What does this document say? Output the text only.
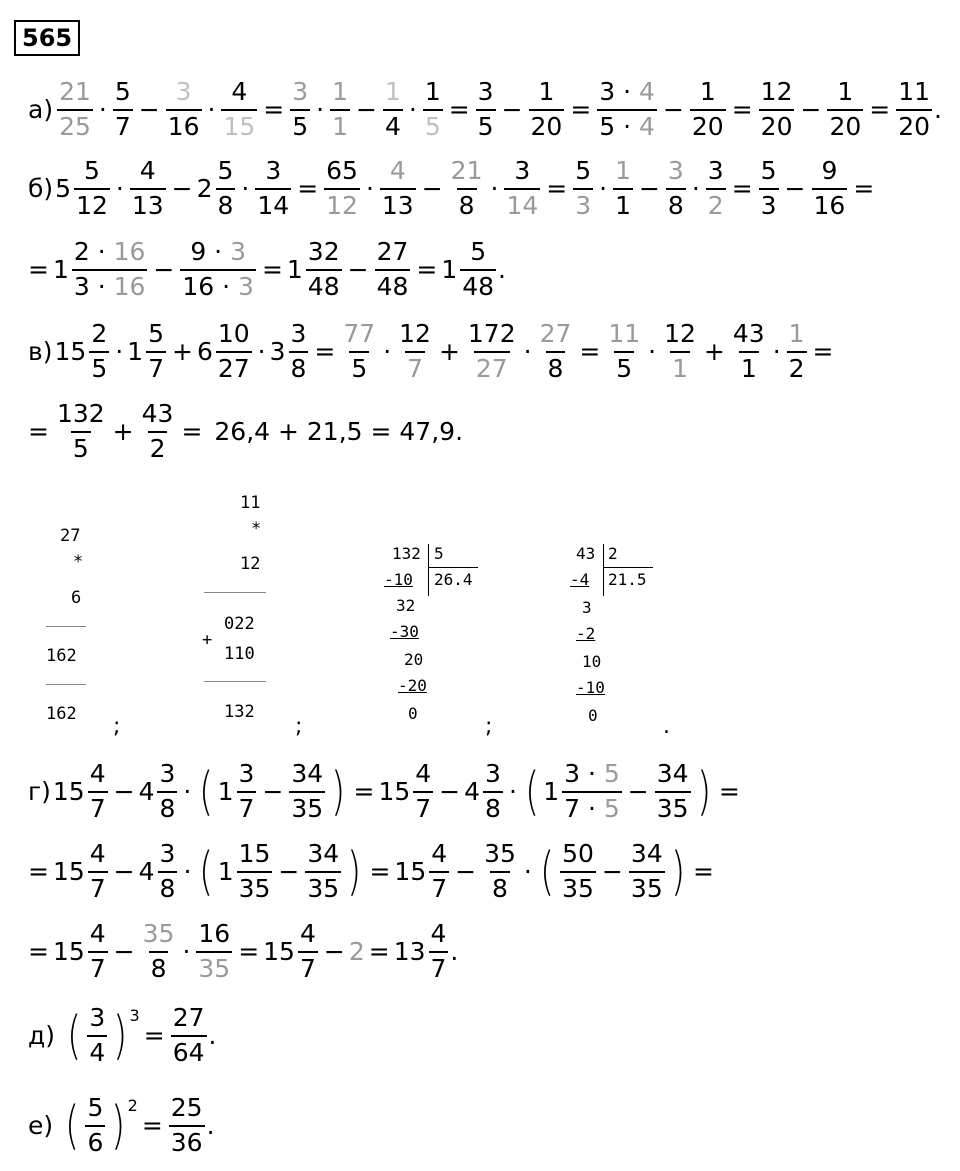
565
а)
21
25
·
5
7
− $\frac{3}{16} \cdot \frac{4}{15} = \frac{3}{5}$ ·
1
1
− $\frac{1}{4} \cdot \frac{1}{5} = \frac{3}{5} - \frac{1}{20} = \frac{3 \cdot 4}{5 \cdot 4} - \frac{1}{20} = \frac{12}{20} - \frac{1}{20} = \frac{11}{20}$ .
б) 5
5
12
·
4
13
− 2
5
8
· $\frac{3}{14} = \frac{65}{12}$ ·
4
13
− $\frac{21}{8} \cdot \frac{3}{14} = \frac{5}{3}$ ·
1
1
− $\frac{3}{8} \cdot \frac{3}{2} = \frac{5}{3} - \frac{9}{16}$ =
= 1
2 · 16
3 · 16
− $\frac{9 \cdot 3}{16 \cdot 3} = 1$
32
48
− $\frac{27}{48} = 1$
5
48
.
в) 15
2
5
· 1
5
7
+ 6
10
27
· $3 \frac{3}{8} = \frac{77}{5}$ ·
12
7
+ $\frac{172}{27} \cdot \frac{27}{8} = \frac{11}{5}$ ·
12
1
+ $\frac{43}{1} \cdot \frac{1}{2}$ =
= $\frac{132}{5} + \frac{43}{2} = 26,4 + 21,5 = 47,9$.
27
*
6
162
162
11
*
12
022
+
110
132
132 5
26.4
-10
32
-30
20
-20
0
43 2
21.5
-4
3
-2
10
-10
0
;	;	;	.
г) 15
4
7
− 4
3
8
· ( 1
3
7
− $\frac{34}{35}$ ) = 15
4
7
− 4
3
8
· ( 1
3 · 5
7 · 5
− $\frac{34}{35}$ ) =
= 15
4
7
− 4
3
8
· ( 1
15
35
− $\frac{34}{35}$ ) = 15
4
7
− $\frac{35}{8}$ · ( 50
35
− $\frac{34}{35}$ ) =
= 15
4
7
− $\frac{35}{8} \cdot \frac{16}{35} = 15$
4
7
− 2 = 13
4
7
.
д) ( 3
4 ) 3
= $\frac{27}{64}$ .
е) ( 5
6 ) 2
= $\frac{25}{36}$ .
